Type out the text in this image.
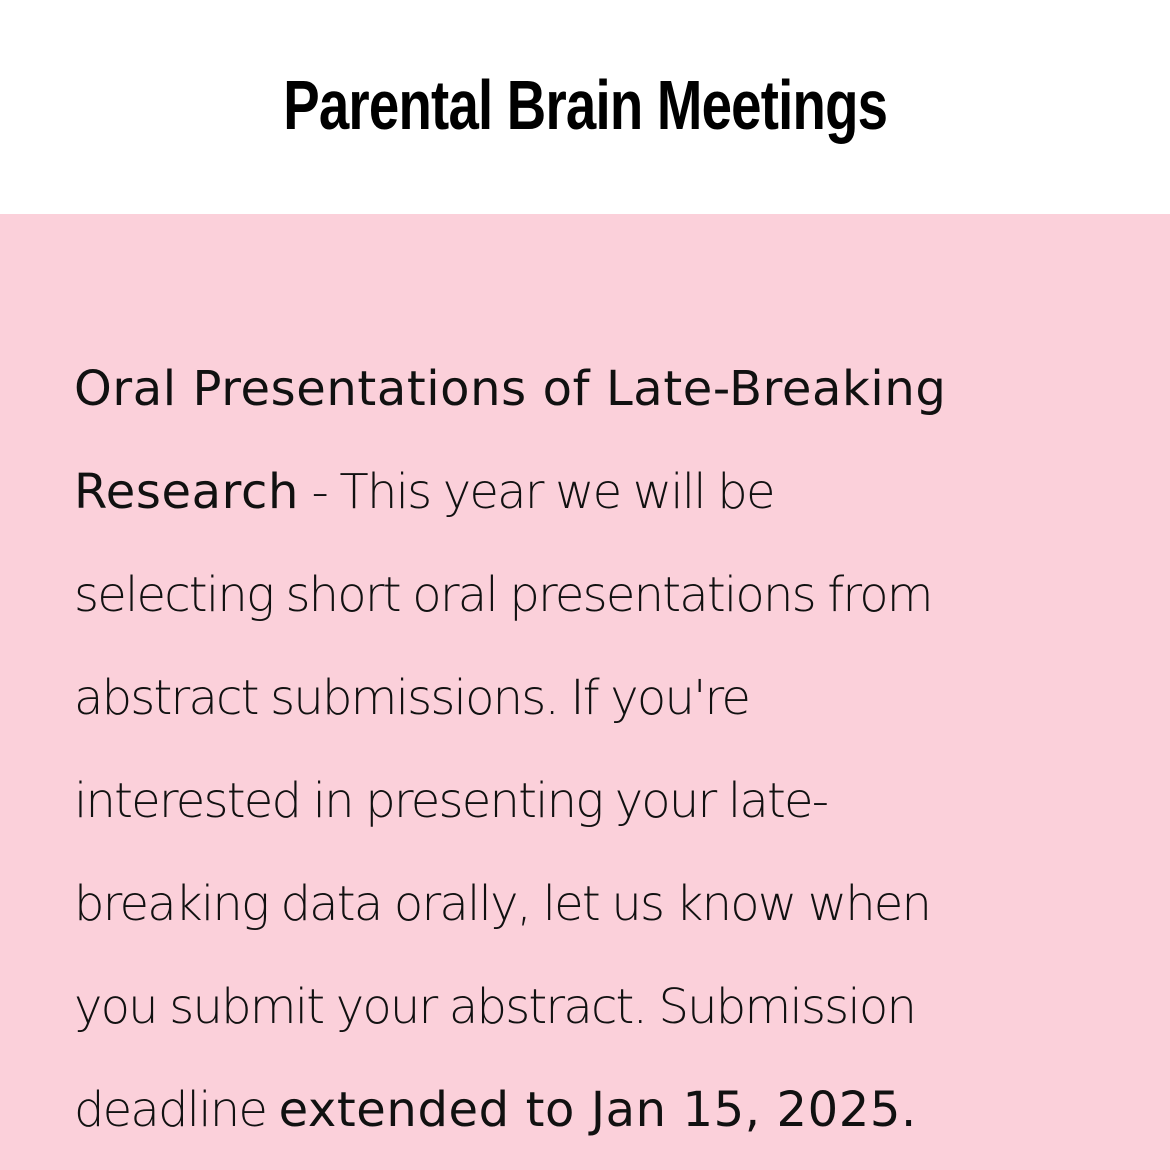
Parental Brain Meetings

Oral Presentations of Late-Breaking
Research - This year we will be
selecting short oral presentations from
abstract submissions. If you're
interested in presenting your late-
breaking data orally, let us know when
you submit your abstract. Submission
deadline extended to Jan 15, 2025.
